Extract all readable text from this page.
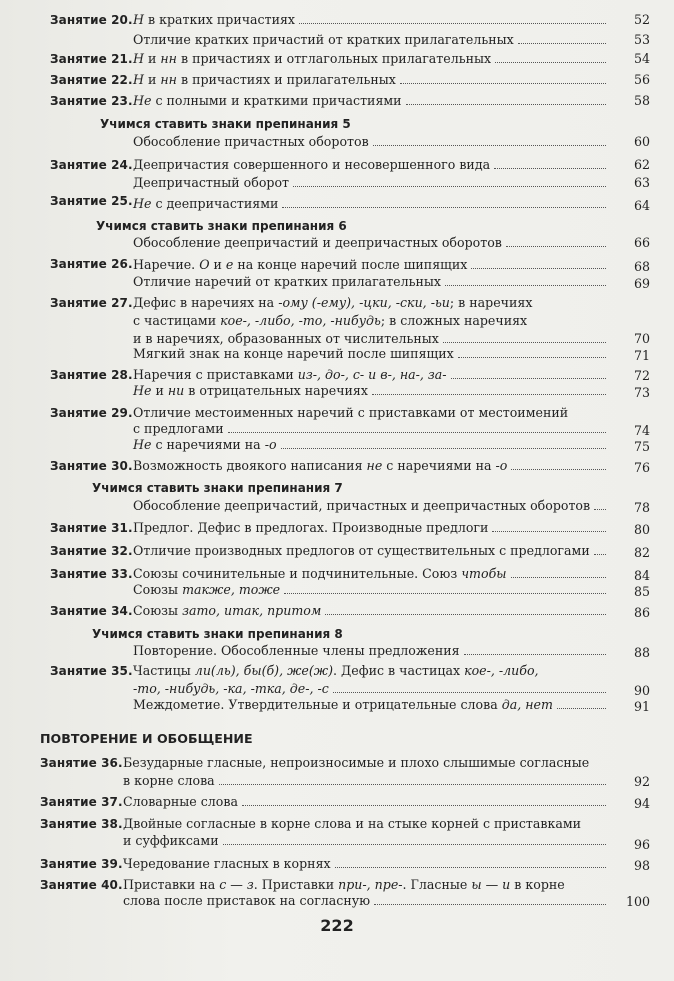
Занятие 20. Н в кратких причастиях	52
Отличие кратких причастий от кратких прилагательных	53
Занятие 21. Н и нн в причастиях и отглагольных прилагательных	54
Занятие 22. Н и нн в причастиях и прилагательных	56
Занятие 23. Не с полными и краткими причастиями	58
Учимся ставить знаки препинания 5
Обособление причастных оборотов	60
Занятие 24. Деепричастия совершенного и несовершенного вида	62
Деепричастный оборот	63
Занятие 25. Не с деепричастиями	64
Учимся ставить знаки препинания 6
Обособление деепричастий и деепричастных оборотов	66
Занятие 26. Наречие. О и е на конце наречий после шипящих	68
Отличие наречий от кратких прилагательных	69
Занятие 27. Дефис в наречиях на -ому (-ему), -цки, -ски, -ьи; в наречиях
с частицами кое-, -либо, -то, -нибудь; в сложных наречиях
и в наречиях, образованных от числительных	70
Мягкий знак на конце наречий после шипящих	71
Занятие 28. Наречия с приставками из-, до-, с- и в-, на-, за-	72
Не и ни в отрицательных наречиях	73
Занятие 29. Отличие местоименных наречий с приставками от местоимений
с предлогами	74
Не с наречиями на -о	75
Занятие 30. Возможность двоякого написания не с наречиями на -о	76
Учимся ставить знаки препинания 7
Обособление деепричастий, причастных и деепричастных оборотов	78
Занятие 31. Предлог. Дефис в предлогах. Производные предлоги	80
Занятие 32. Отличие производных предлогов от существительных с предлогами	82
Занятие 33. Союзы сочинительные и подчинительные. Союз чтобы	84
Союзы также, тоже	85
Занятие 34. Союзы зато, итак, притом	86
Учимся ставить знаки препинания 8
Повторение. Обособленные члены предложения	88
Занятие 35. Частицы ли(ль), бы(б), же(ж). Дефис в частицах кое-, -либо,
-то, -нибудь, -ка, -тка, де-, -с	90
Междометие. Утвердительные и отрицательные слова да, нет	91
ПОВТОРЕНИЕ И ОБОБЩЕНИЕ
Занятие 36. Безударные гласные, непроизносимые и плохо слышимые согласные
в корне слова	92
Занятие 37. Словарные слова	94
Занятие 38. Двойные согласные в корне слова и на стыке корней с приставками
и суффиксами	96
Занятие 39. Чередование гласных в корнях	98
Занятие 40. Приставки на с — з. Приставки при-, пре-. Гласные ы — и в корне
слова после приставок на согласную	100
222
